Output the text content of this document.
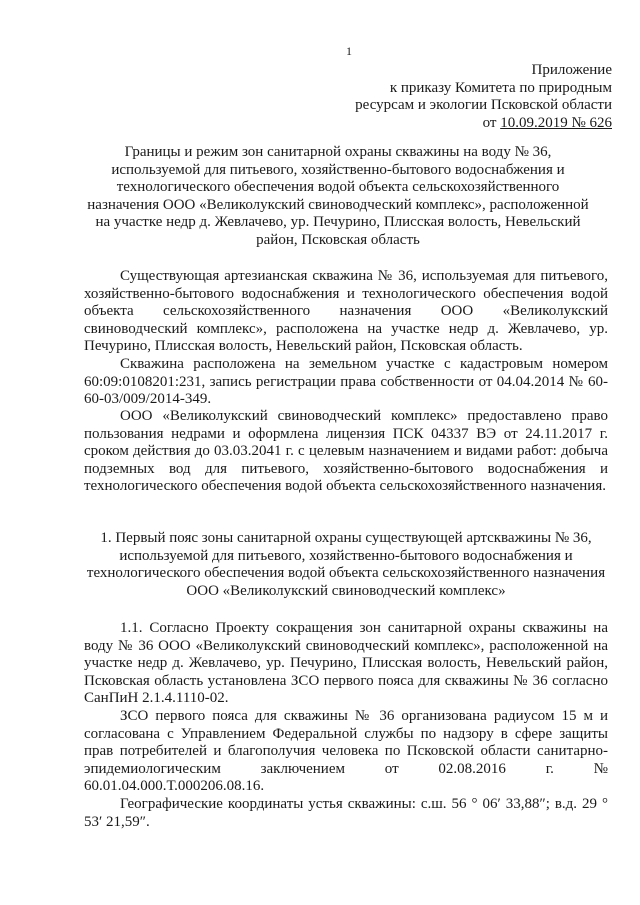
1
Приложение
к приказу Комитета по природным
ресурсам и экологии Псковской области
от 10.09.2019 № 626
Границы и режим зон санитарной охраны скважины на воду № 36, используемой для питьевого, хозяйственно-бытового водоснабжения и технологического обеспечения водой объекта сельскохозяйственного назначения ООО «Великолукский свиноводческий комплекс», расположенной на участке недр д. Жевлачево, ур. Печурино, Плисская волость, Невельский район, Псковская область

Существующая артезианская скважина № 36, используемая для питьевого, хозяйственно-бытового водоснабжения и технологического обеспечения водой объекта сельскохозяйственного назначения ООО «Великолукский свиноводческий комплекс», расположена на участке недр д. Жевлачево, ур. Печурино, Плисская волость, Невельский район, Псковская область.

Скважина расположена на земельном участке с кадастровым номером 60:09:0108201:231, запись регистрации права собственности от 04.04.2014 № 60-60-03/009/2014-349.

ООО «Великолукский свиноводческий комплекс» предоставлено право пользования недрами и оформлена лицензия ПСК 04337 ВЭ от 24.11.2017 г. сроком действия до 03.03.2041 г. с целевым назначением и видами работ: добыча подземных вод для питьевого, хозяйственно-бытового водоснабжения и технологического обеспечения водой объекта сельскохозяйственного назначения.

1. Первый пояс зоны санитарной охраны существующей артскважины № 36, используемой для питьевого, хозяйственно-бытового водоснабжения и технологического обеспечения водой объекта сельскохозяйственного назначения ООО «Великолукский свиноводческий комплекс»

1.1. Согласно Проекту сокращения зон санитарной охраны скважины на воду № 36 ООО «Великолукский свиноводческий комплекс», расположенной на участке недр д. Жевлачево, ур. Печурино, Плисская волость, Невельский район, Псковская область установлена ЗСО первого пояса для скважины № 36 согласно СанПиН 2.1.4.1110-02.

ЗСО первого пояса для скважины № 36 организована радиусом 15 м и согласована с Управлением Федеральной службы по надзору в сфере защиты прав потребителей и благополучия человека по Псковской области санитарно-эпидемиологическим заключением от 02.08.2016 г. № 60.01.04.000.Т.000206.08.16.

Географические координаты устья скважины: с.ш. 56 ° 06′ 33,88″; в.д. 29 ° 53′ 21,59″.
